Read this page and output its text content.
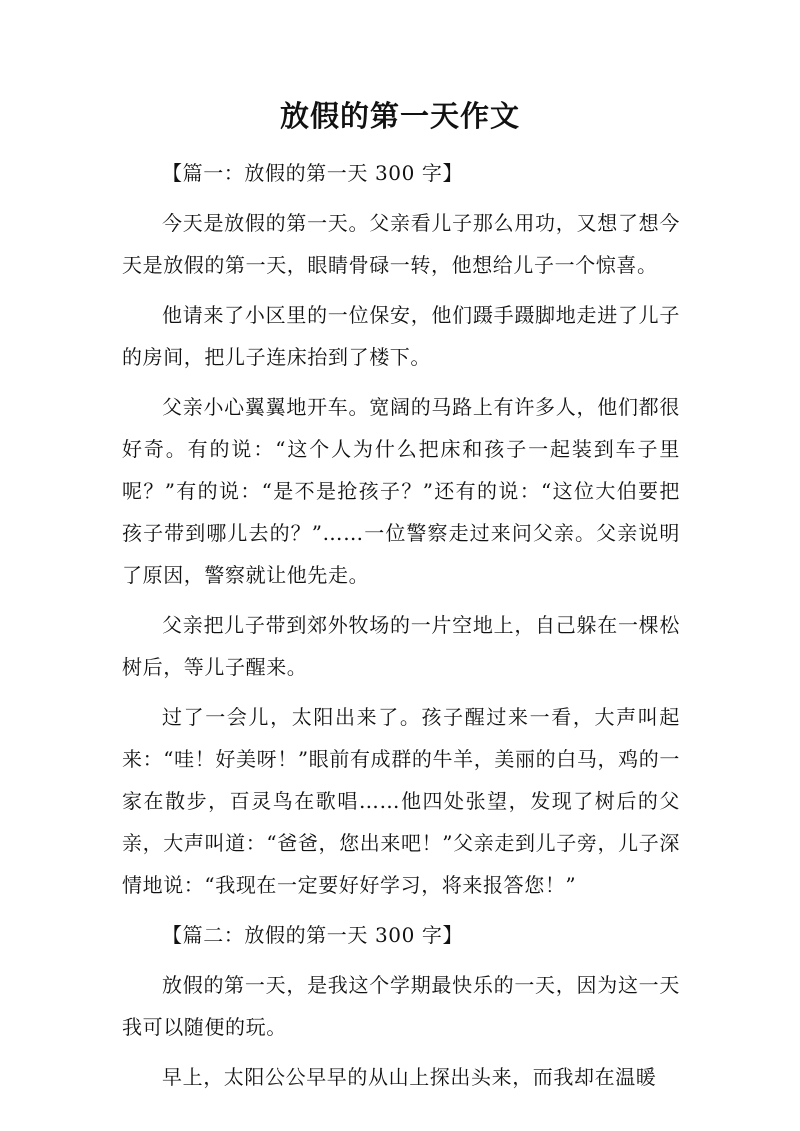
放假的第一天作文

【篇一：放假的第一天 300 字】

今天是放假的第一天。父亲看儿子那么用功，又想了想今天是放假的第一天，眼睛骨碌一转，他想给儿子一个惊喜。

他请来了小区里的一位保安，他们蹑手蹑脚地走进了儿子的房间，把儿子连床抬到了楼下。

父亲小心翼翼地开车。宽阔的马路上有许多人，他们都很好奇。有的说：“这个人为什么把床和孩子一起装到车子里呢？”有的说：“是不是抢孩子？”还有的说：“这位大伯要把孩子带到哪儿去的？”……一位警察走过来问父亲。父亲说明了原因，警察就让他先走。

父亲把儿子带到郊外牧场的一片空地上，自己躲在一棵松树后，等儿子醒来。

过了一会儿，太阳出来了。孩子醒过来一看，大声叫起来：“哇！好美呀！”眼前有成群的牛羊，美丽的白马，鸡的一家在散步，百灵鸟在歌唱……他四处张望，发现了树后的父亲，大声叫道：“爸爸，您出来吧！”父亲走到儿子旁，儿子深情地说：“我现在一定要好好学习，将来报答您！”

【篇二：放假的第一天 300 字】

放假的第一天，是我这个学期最快乐的一天，因为这一天我可以随便的玩。

早上，太阳公公早早的从山上探出头来，而我却在温暖
